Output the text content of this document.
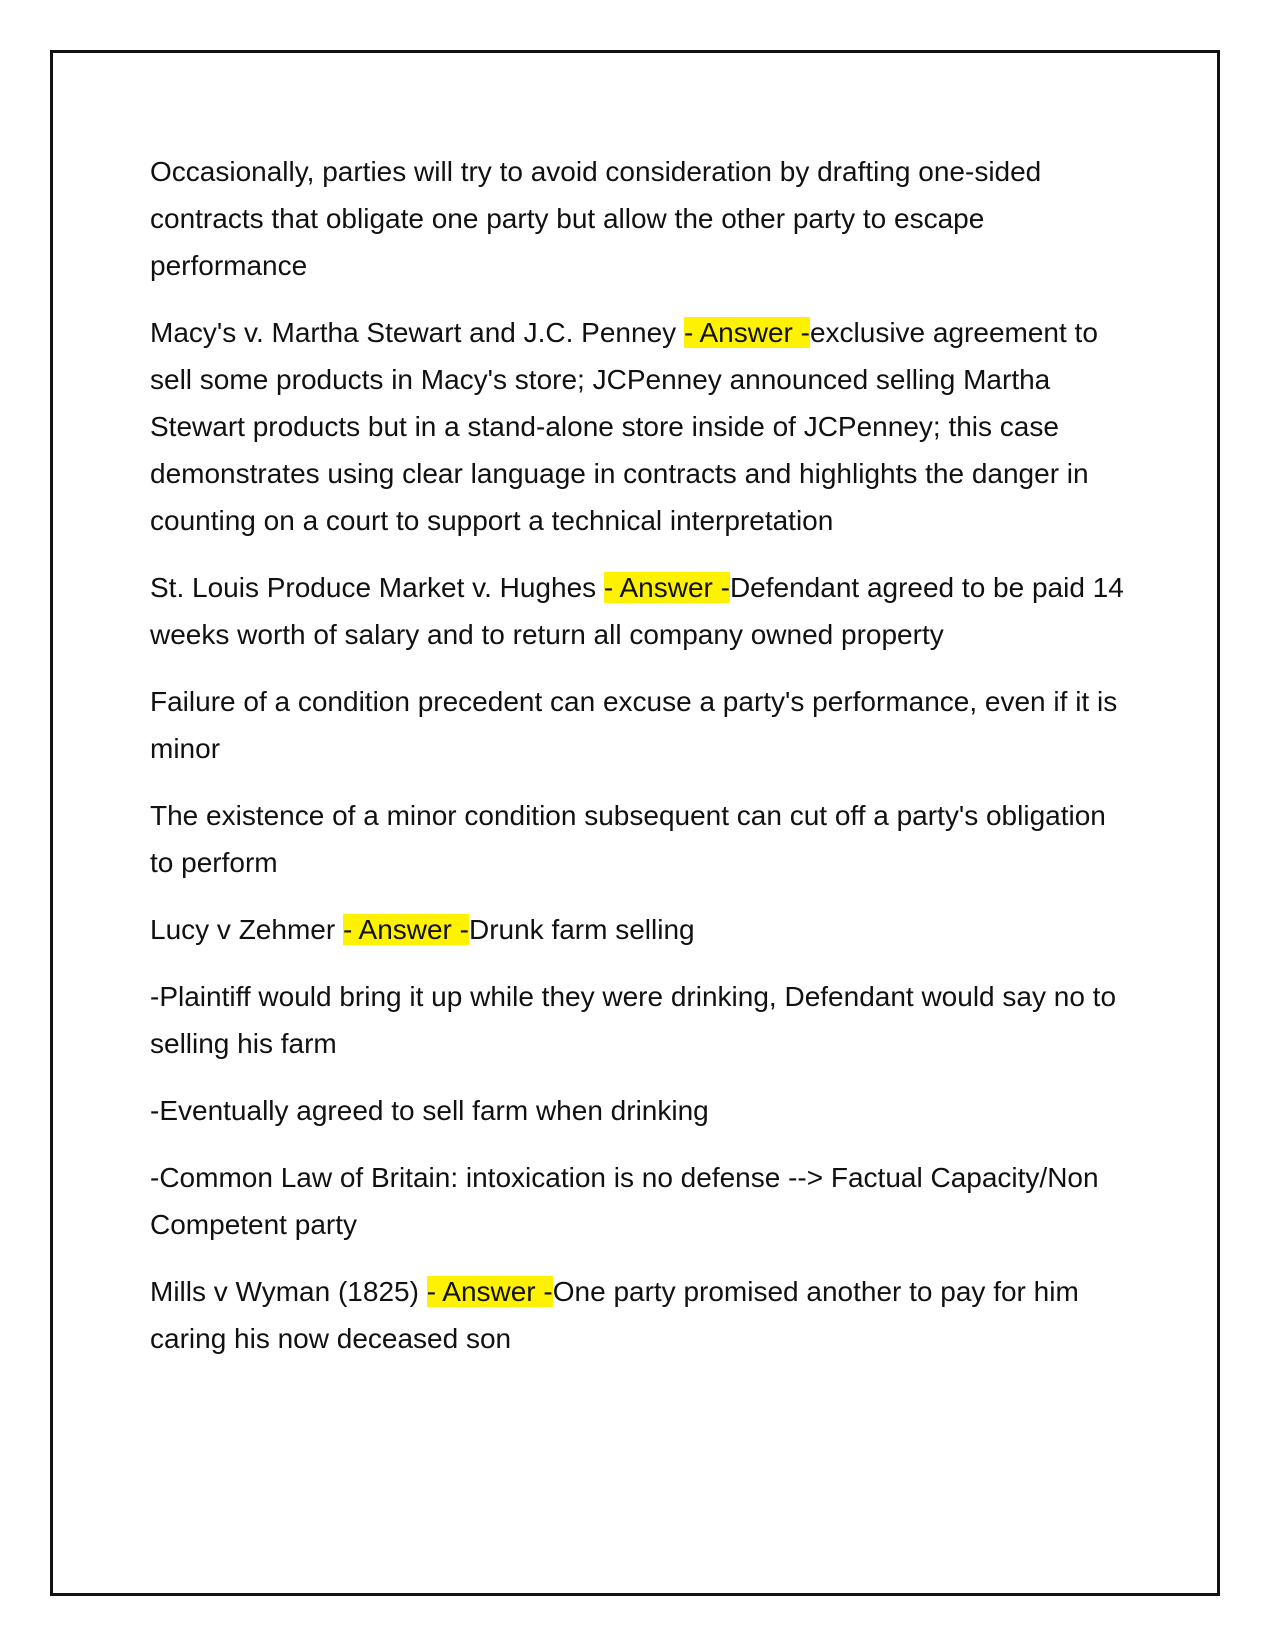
Occasionally, parties will try to avoid consideration by drafting one-sided contracts that obligate one party but allow the other party to escape performance

Macy's v. Martha Stewart and J.C. Penney - Answer -exclusive agreement to sell some products in Macy's store; JCPenney announced selling Martha Stewart products but in a stand-alone store inside of JCPenney; this case demonstrates using clear language in contracts and highlights the danger in counting on a court to support a technical interpretation

St. Louis Produce Market v. Hughes - Answer -Defendant agreed to be paid 14 weeks worth of salary and to return all company owned property

Failure of a condition precedent can excuse a party's performance, even if it is minor

The existence of a minor condition subsequent can cut off a party's obligation to perform

Lucy v Zehmer - Answer -Drunk farm selling

-Plaintiff would bring it up while they were drinking, Defendant would say no to selling his farm

-Eventually agreed to sell farm when drinking

-Common Law of Britain: intoxication is no defense --> Factual Capacity/Non Competent party

Mills v Wyman (1825) - Answer -One party promised another to pay for him caring his now deceased son
